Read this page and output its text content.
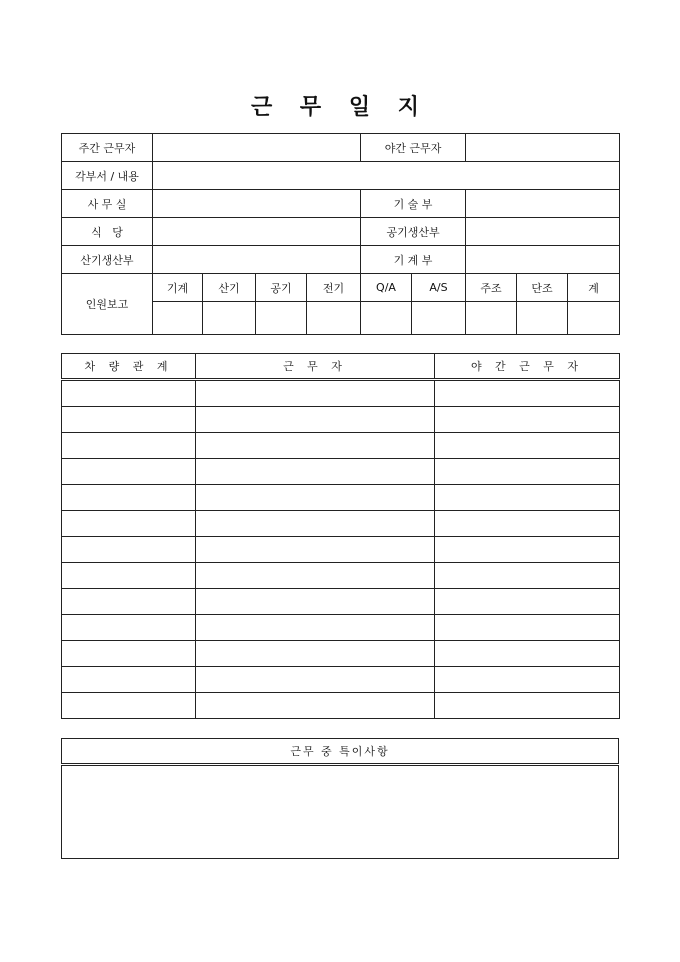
근 무 일 지
주간 근무자					야간 근무자				
각부서 / 내용									
사 무 실					기 술 부				
식   당					공기생산부				
산기생산부					기 계 부				
인원보고	기계	산기	공기	전기	Q/A	A/S	주조	단조	계

차 량 관 계	근 무 자	야 간 근 무 자

근무 중 특이사항
